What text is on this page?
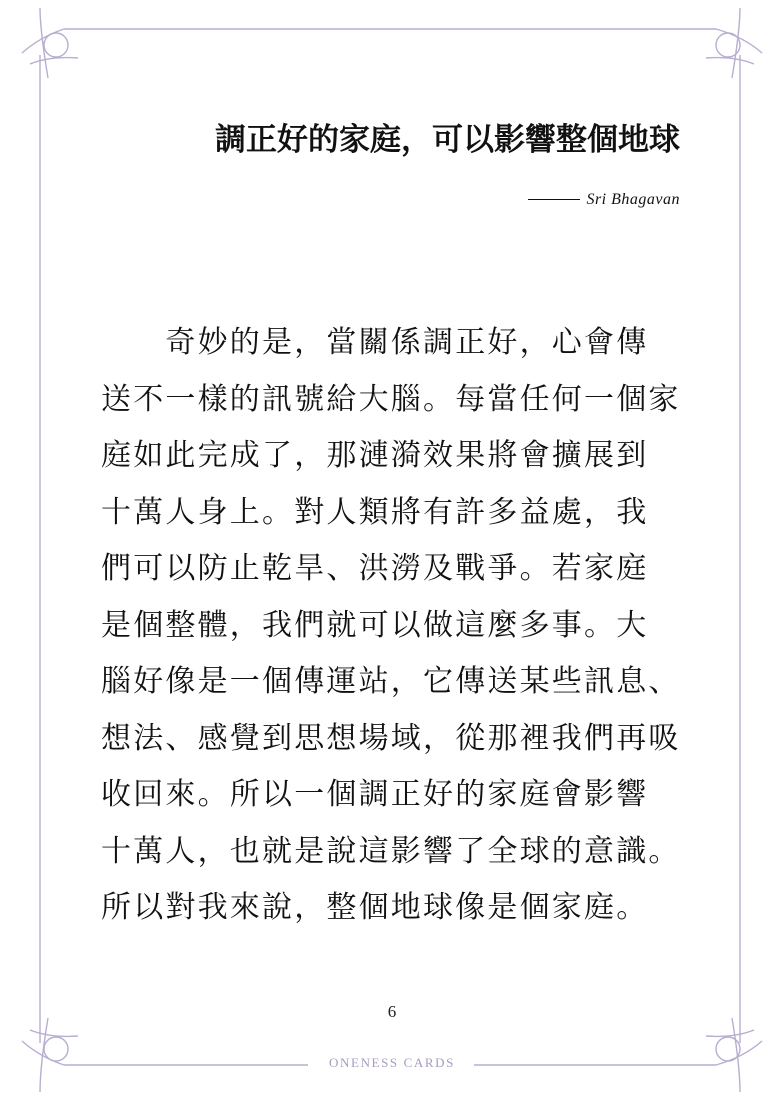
調正好的家庭，可以影響整個地球
Sri Bhagavan

　　奇妙的是，當關係調正好，心會傳
送不一樣的訊號給大腦。每當任何一個家
庭如此完成了，那漣漪效果將會擴展到
十萬人身上。對人類將有許多益處，我
們可以防止乾旱、洪澇及戰爭。若家庭
是個整體，我們就可以做這麼多事。大
腦好像是一個傳運站，它傳送某些訊息、
想法、感覺到思想場域，從那裡我們再吸
收回來。所以一個調正好的家庭會影響
十萬人，也就是說這影響了全球的意識。
所以對我來說，整個地球像是個家庭。

6
ONENESS CARDS
